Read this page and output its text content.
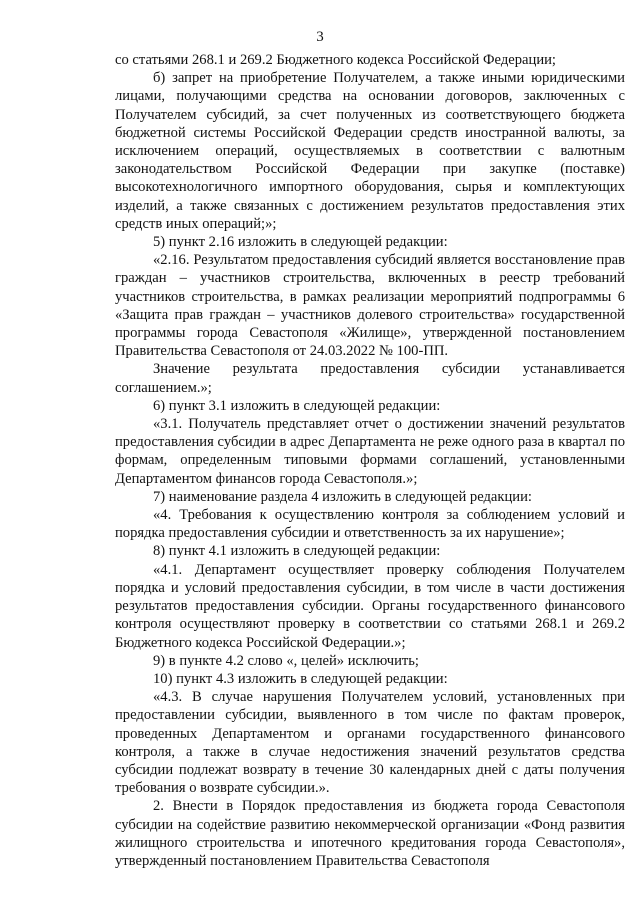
3

со статьями 268.1 и 269.2 Бюджетного кодекса Российской Федерации;

б) запрет на приобретение Получателем, а также иными юридическими лицами, получающими средства на основании договоров, заключенных с Получателем субсидий, за счет полученных из соответствующего бюджета бюджетной системы Российской Федерации средств иностранной валюты, за исключением операций, осуществляемых в соответствии с валютным законодательством Российской Федерации при закупке (поставке) высокотехнологичного импортного оборудования, сырья и комплектующих изделий, а также связанных с достижением результатов предоставления этих средств иных операций;»;

5) пункт 2.16 изложить в следующей редакции:

«2.16. Результатом предоставления субсидий является восстановление прав граждан – участников строительства, включенных в реестр требований участников строительства, в рамках реализации мероприятий подпрограммы 6 «Защита прав граждан – участников долевого строительства» государственной программы города Севастополя «Жилище», утвержденной постановлением Правительства Севастополя от 24.03.2022 № 100-ПП.

Значение результата предоставления субсидии устанавливается соглашением.»;

6) пункт 3.1 изложить в следующей редакции:

«3.1. Получатель представляет отчет о достижении значений результатов предоставления субсидии в адрес Департамента не реже одного раза в квартал по формам, определенным типовыми формами соглашений, установленными Департаментом финансов города Севастополя.»;

7) наименование раздела 4 изложить в следующей редакции:

«4. Требования к осуществлению контроля за соблюдением условий и порядка предоставления субсидии и ответственность за их нарушение»;

8) пункт 4.1 изложить в следующей редакции:

«4.1. Департамент осуществляет проверку соблюдения Получателем порядка и условий предоставления субсидии, в том числе в части достижения результатов предоставления субсидии. Органы государственного финансового контроля осуществляют проверку в соответствии со статьями 268.1 и 269.2 Бюджетного кодекса Российской Федерации.»;

9) в пункте 4.2 слово «, целей» исключить;

10) пункт 4.3 изложить в следующей редакции:

«4.3. В случае нарушения Получателем условий, установленных при предоставлении субсидии, выявленного в том числе по фактам проверок, проведенных Департаментом и органами государственного финансового контроля, а также в случае недостижения значений результатов средства субсидии подлежат возврату в течение 30 календарных дней с даты получения требования о возврате субсидии.».

2. Внести в Порядок предоставления из бюджета города Севастополя субсидии на содействие развитию некоммерческой организации «Фонд развития жилищного строительства и ипотечного кредитования города Севастополя», утвержденный постановлением Правительства Севастополя
